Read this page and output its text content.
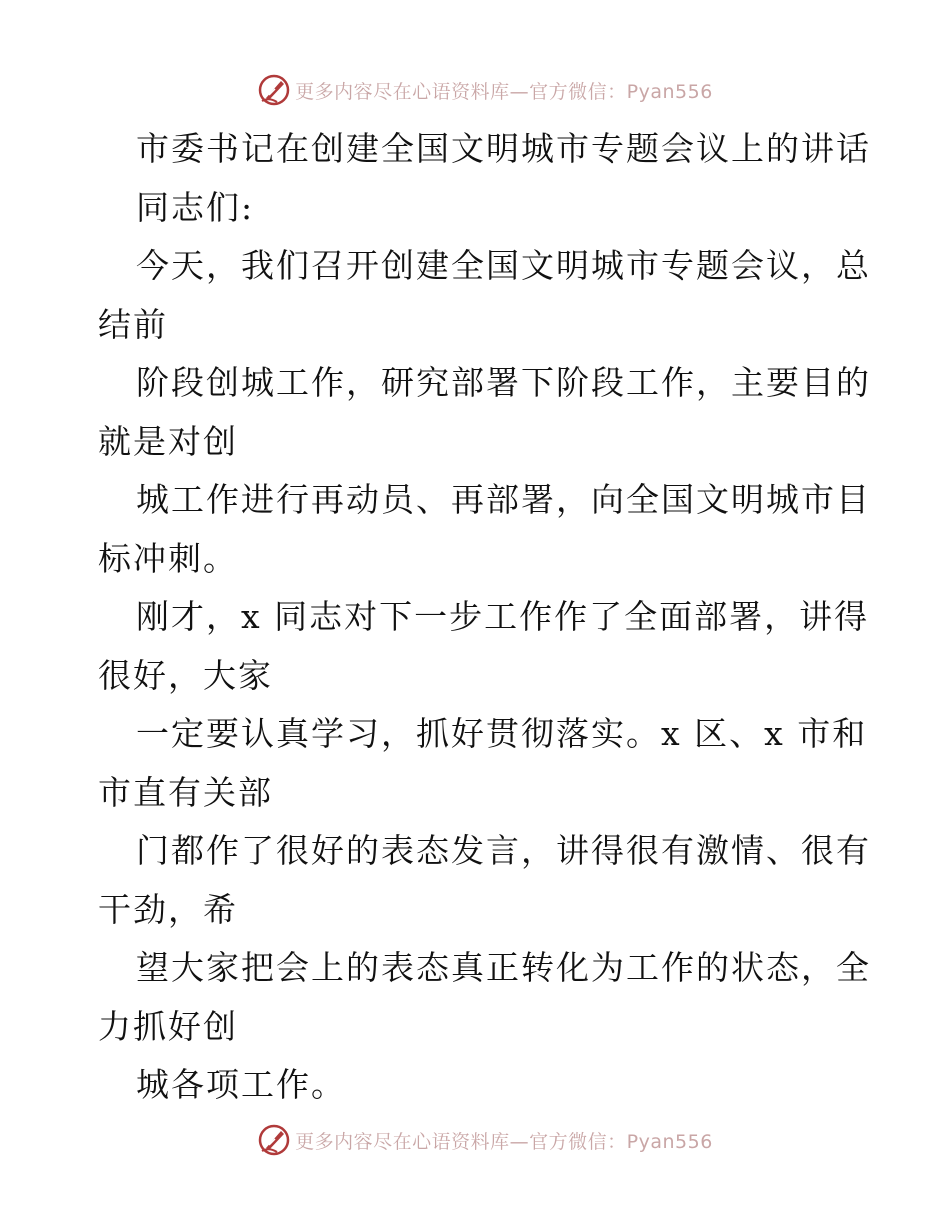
更多内容尽在心语资料库—官方微信：Pyan556
市委书记在创建全国文明城市专题会议上的讲话
同志们:
今天，我们召开创建全国文明城市专题会议，总
结前
阶段创城工作，研究部署下阶段工作，主要目的
就是对创
城工作进行再动员、再部署，向全国文明城市目
标冲刺。
刚才，x 同志对下一步工作作了全面部署，讲得
很好，大家
一定要认真学习，抓好贯彻落实。x 区、x 市和
市直有关部
门都作了很好的表态发言，讲得很有激情、很有
干劲，希
望大家把会上的表态真正转化为工作的状态，全
力抓好创
城各项工作。
更多内容尽在心语资料库—官方微信：Pyan556
